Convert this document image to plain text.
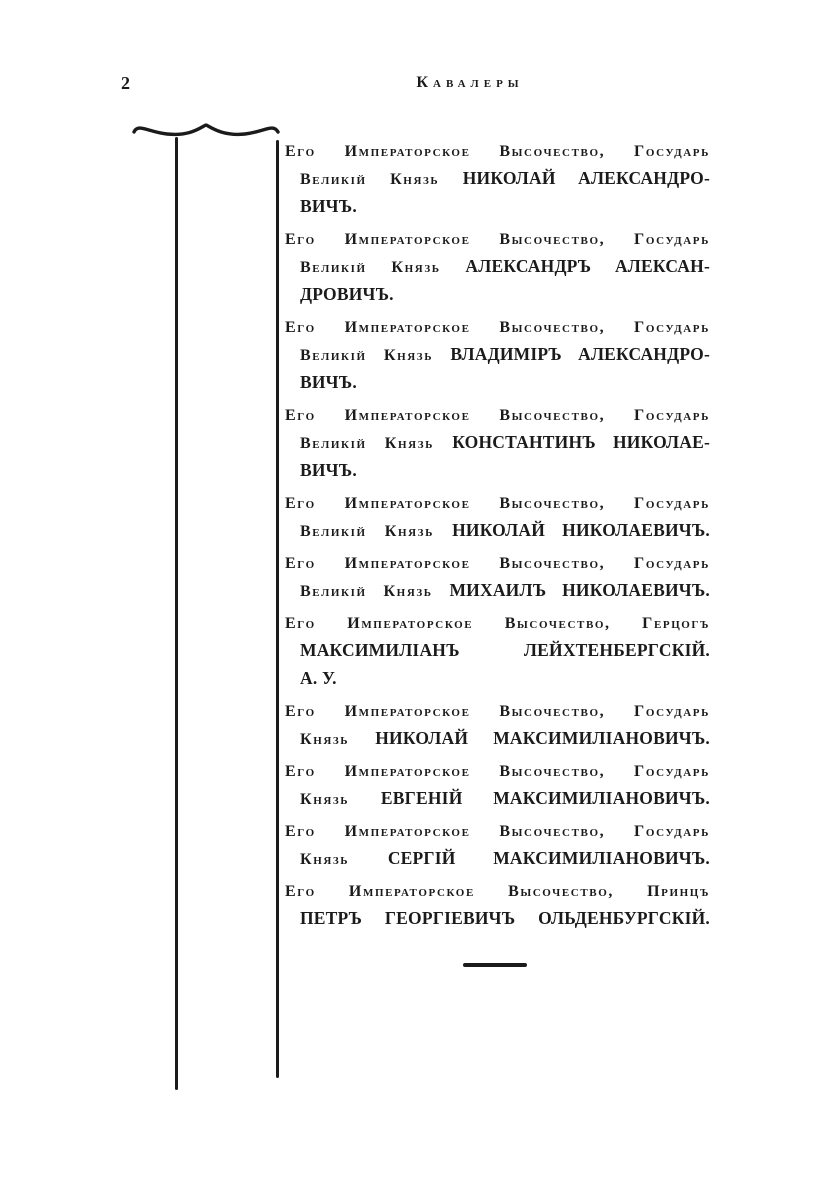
2	Кавалеры
Его Императорское Высочество, Государь
Великій Князь НИКОЛАЙ АЛЕКСАНДРО-
ВИЧЪ.
Его Императорское Высочество, Государь
Великій Князь АЛЕКСАНДРЪ АЛЕКСАН-
ДРОВИЧЪ.
Его Императорское Высочество, Государь
Великій Князь ВЛАДИМІРЪ АЛЕКСАНДРО-
ВИЧЪ.
Его Императорское Высочество, Государь
Великій Князь КОНСТАНТИНЪ НИКОЛАЕ-
ВИЧЪ.
Его Императорское Высочество, Государь
Великій Князь НИКОЛАЙ НИКОЛАЕВИЧЪ.
Его Императорское Высочество, Государь
Великій Князь МИХАИЛЪ НИКОЛАЕВИЧЪ.
Его Императорское Высочество, Герцогъ
МАКСИМИЛІАНЪ ЛЕЙХТЕНБЕРГСКІЙ.
А. У.
Его Императорское Высочество, Государь
Князь НИКОЛАЙ МАКСИМИЛІАНОВИЧЪ.
Его Императорское Высочество, Государь
Князь ЕВГЕНІЙ МАКСИМИЛІАНОВИЧЪ.
Его Императорское Высочество, Государь
Князь СЕРГІЙ МАКСИМИЛІАНОВИЧЪ.
Его Императорское Высочество, Принцъ
ПЕТРЪ ГЕОРГІЕВИЧЪ ОЛЬДЕНБУРГСКІЙ.
